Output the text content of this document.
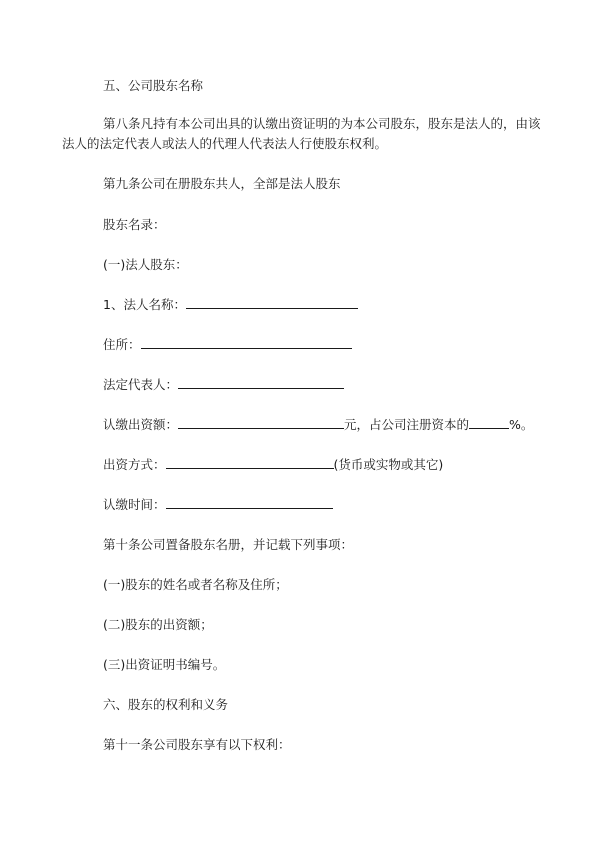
五、公司股东名称
第八条凡持有本公司出具的认缴出资证明的为本公司股东，股东是法人的，由该
法人的法定代表人或法人的代理人代表法人行使股东权利。
第九条公司在册股东共人，全部是法人股东
股东名录：
(一)法人股东：
1、法人名称：
住所：
法定代表人：
认缴出资额：	元，占公司注册资本的	%。
出资方式：	(货币或实物或其它)
认缴时间：
第十条公司置备股东名册，并记载下列事项：
(一)股东的姓名或者名称及住所；
(二)股东的出资额；
(三)出资证明书编号。
六、股东的权利和义务
第十一条公司股东享有以下权利：
